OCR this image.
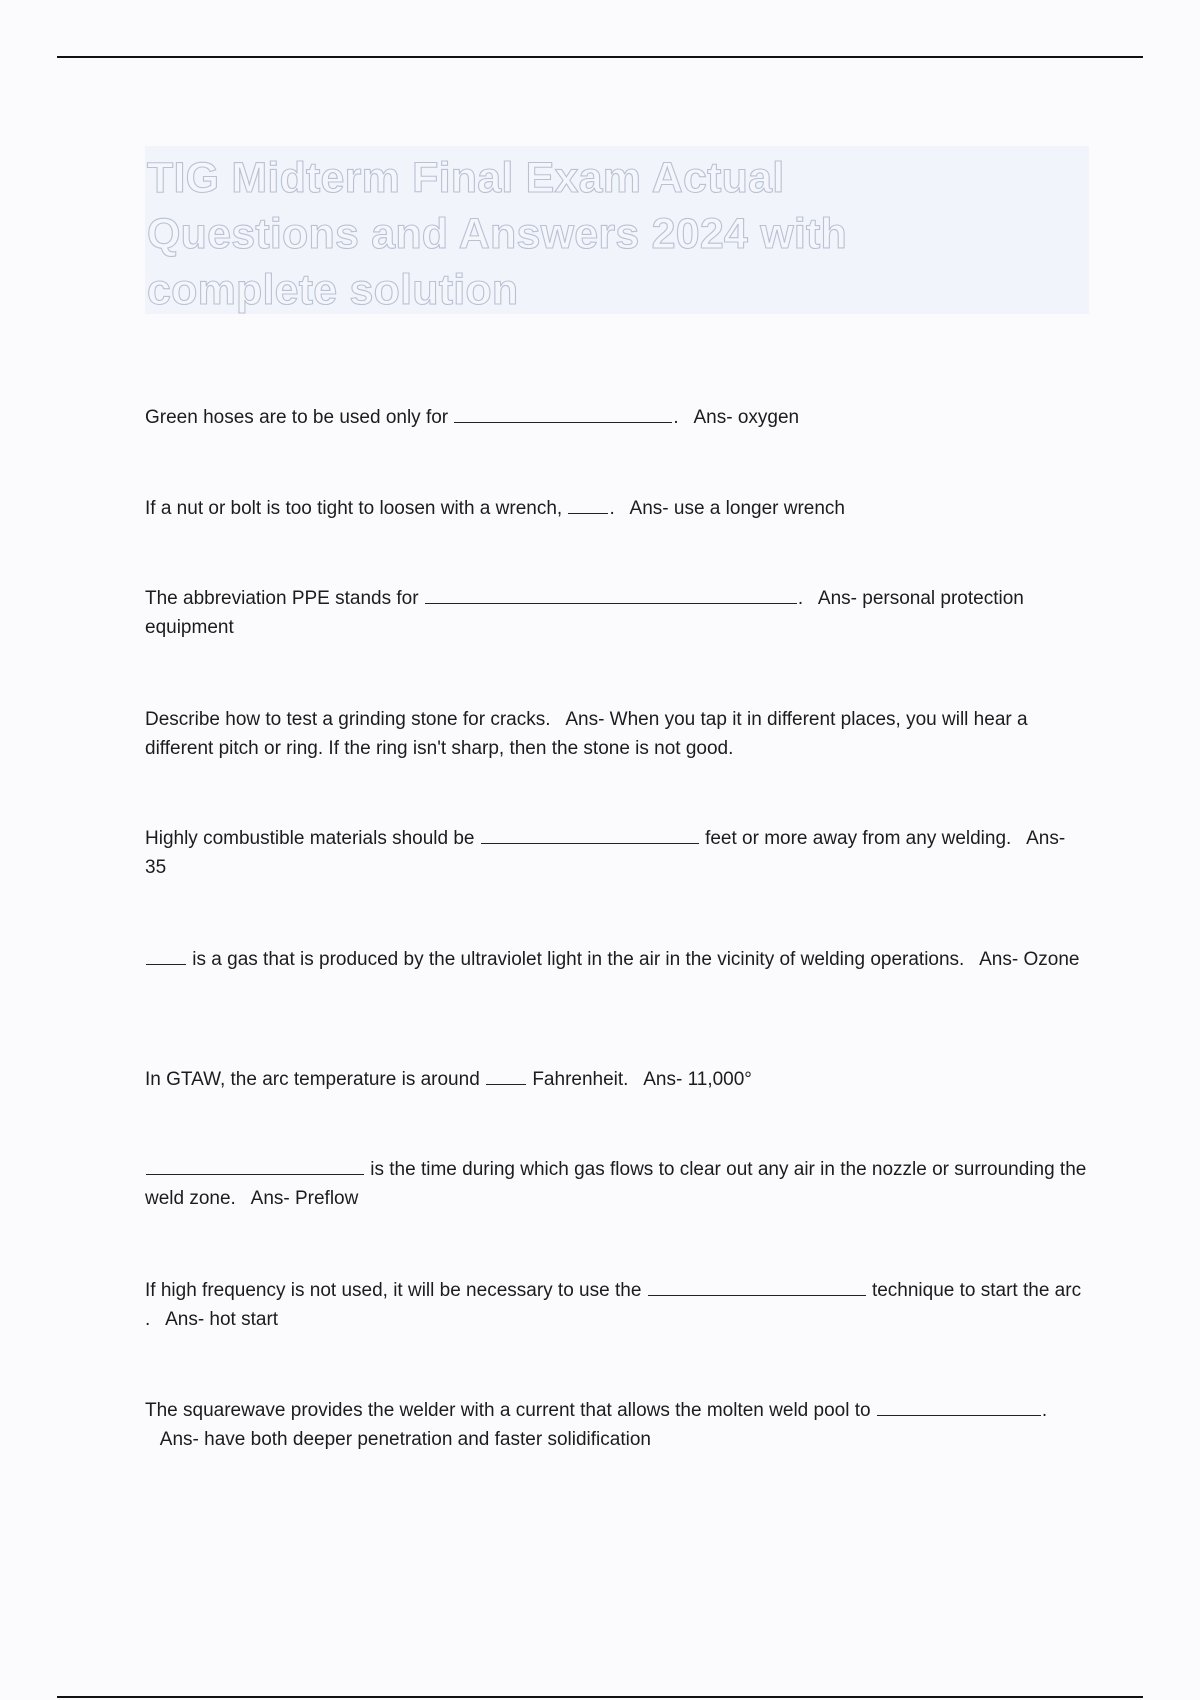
TIG Midterm Final Exam Actual Questions and Answers 2024 with complete solution

Green hoses are to be used only for	. Ans- oxygen

If a nut or bolt is too tight to loosen with a wrench, . Ans- use a longer wrench

The abbreviation PPE stands for	. Ans- personal protection equipment

Describe how to test a grinding stone for cracks. Ans- When you tap it in different places, you will hear a different pitch or ring. If the ring isn't sharp, then the stone is not good.

Highly combustible materials should be	feet or more away from any welding. Ans- 35

is a gas that is produced by the ultraviolet light in the air in the vicinity of welding operations. Ans- Ozone

In GTAW, the arc temperature is around	Fahrenheit. Ans- 11,000°

is the time during which gas flows to clear out any air in the nozzle or surrounding the weld zone. Ans- Preflow

If high frequency is not used, it will be necessary to use the	technique to start the arc . Ans- hot start

The squarewave provides the welder with a current that allows the molten weld pool to	.   Ans- have both deeper penetration and faster solidification
